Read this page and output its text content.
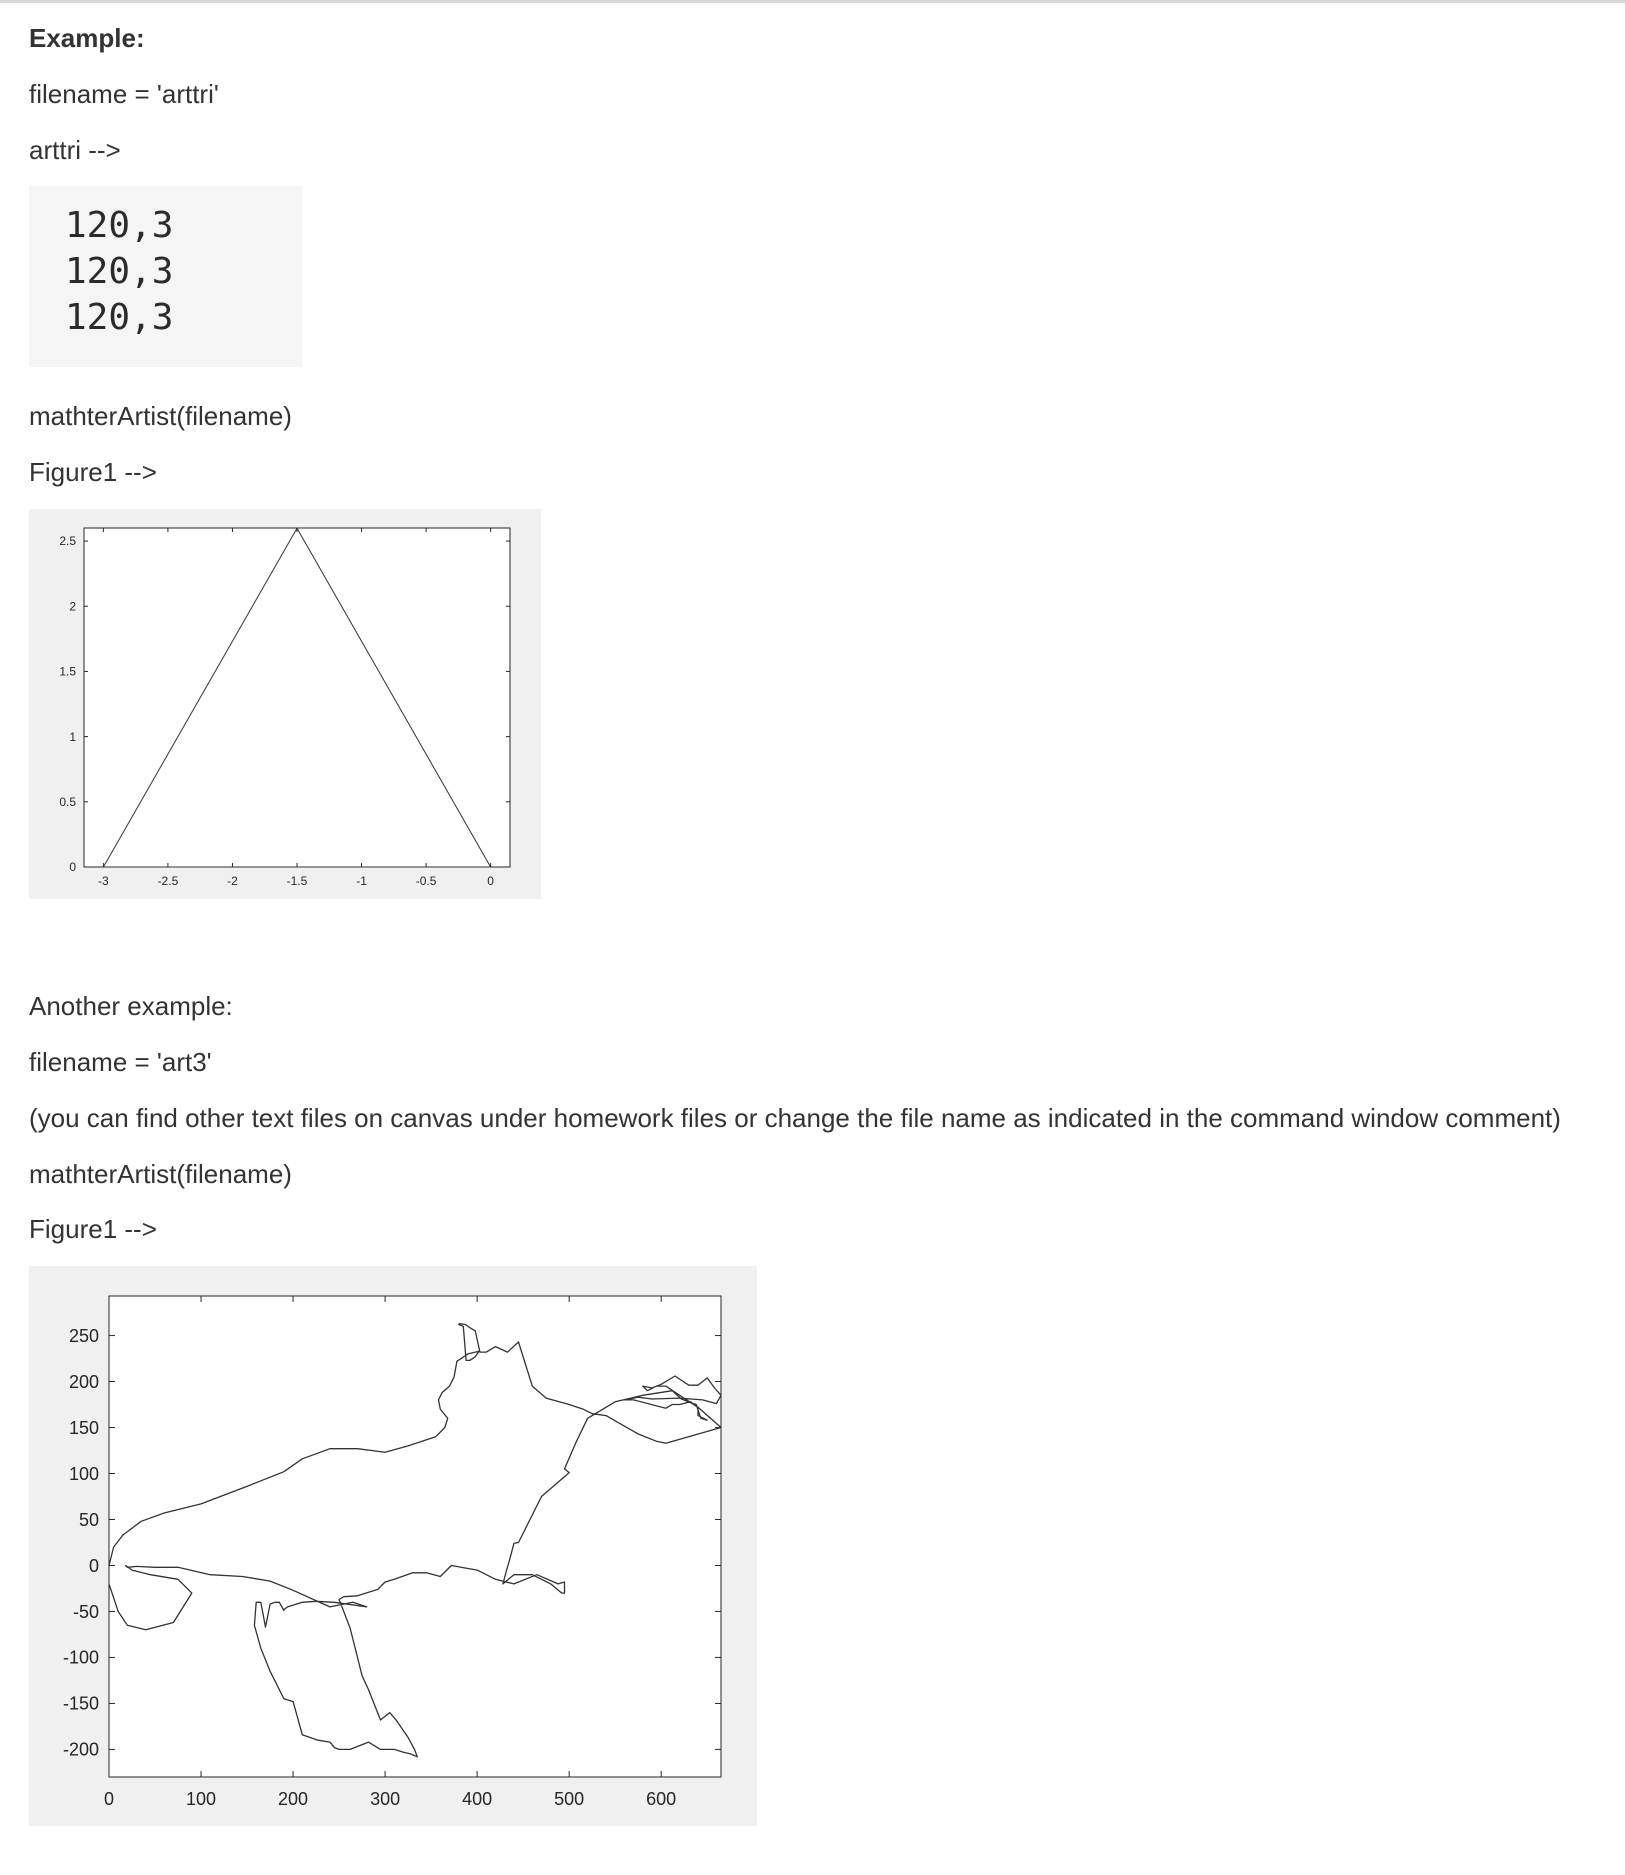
Example:

filename = 'arttri'

arttri -->

120,3
120,3
120,3

mathterArtist(filename)

Figure1 -->

-3	-2.5	-2	-1.5	-1	-0.5	0
0
0.5
1
1.5
2
2.5

Another example:

filename = 'art3'

(you can find other text files on canvas under homework files or change the file name as indicated in the command window comment)

mathterArtist(filename)

Figure1 -->

0	100	200	300	400	500	600
250
200
150
100
50
0
-50
-100
-150
-200
